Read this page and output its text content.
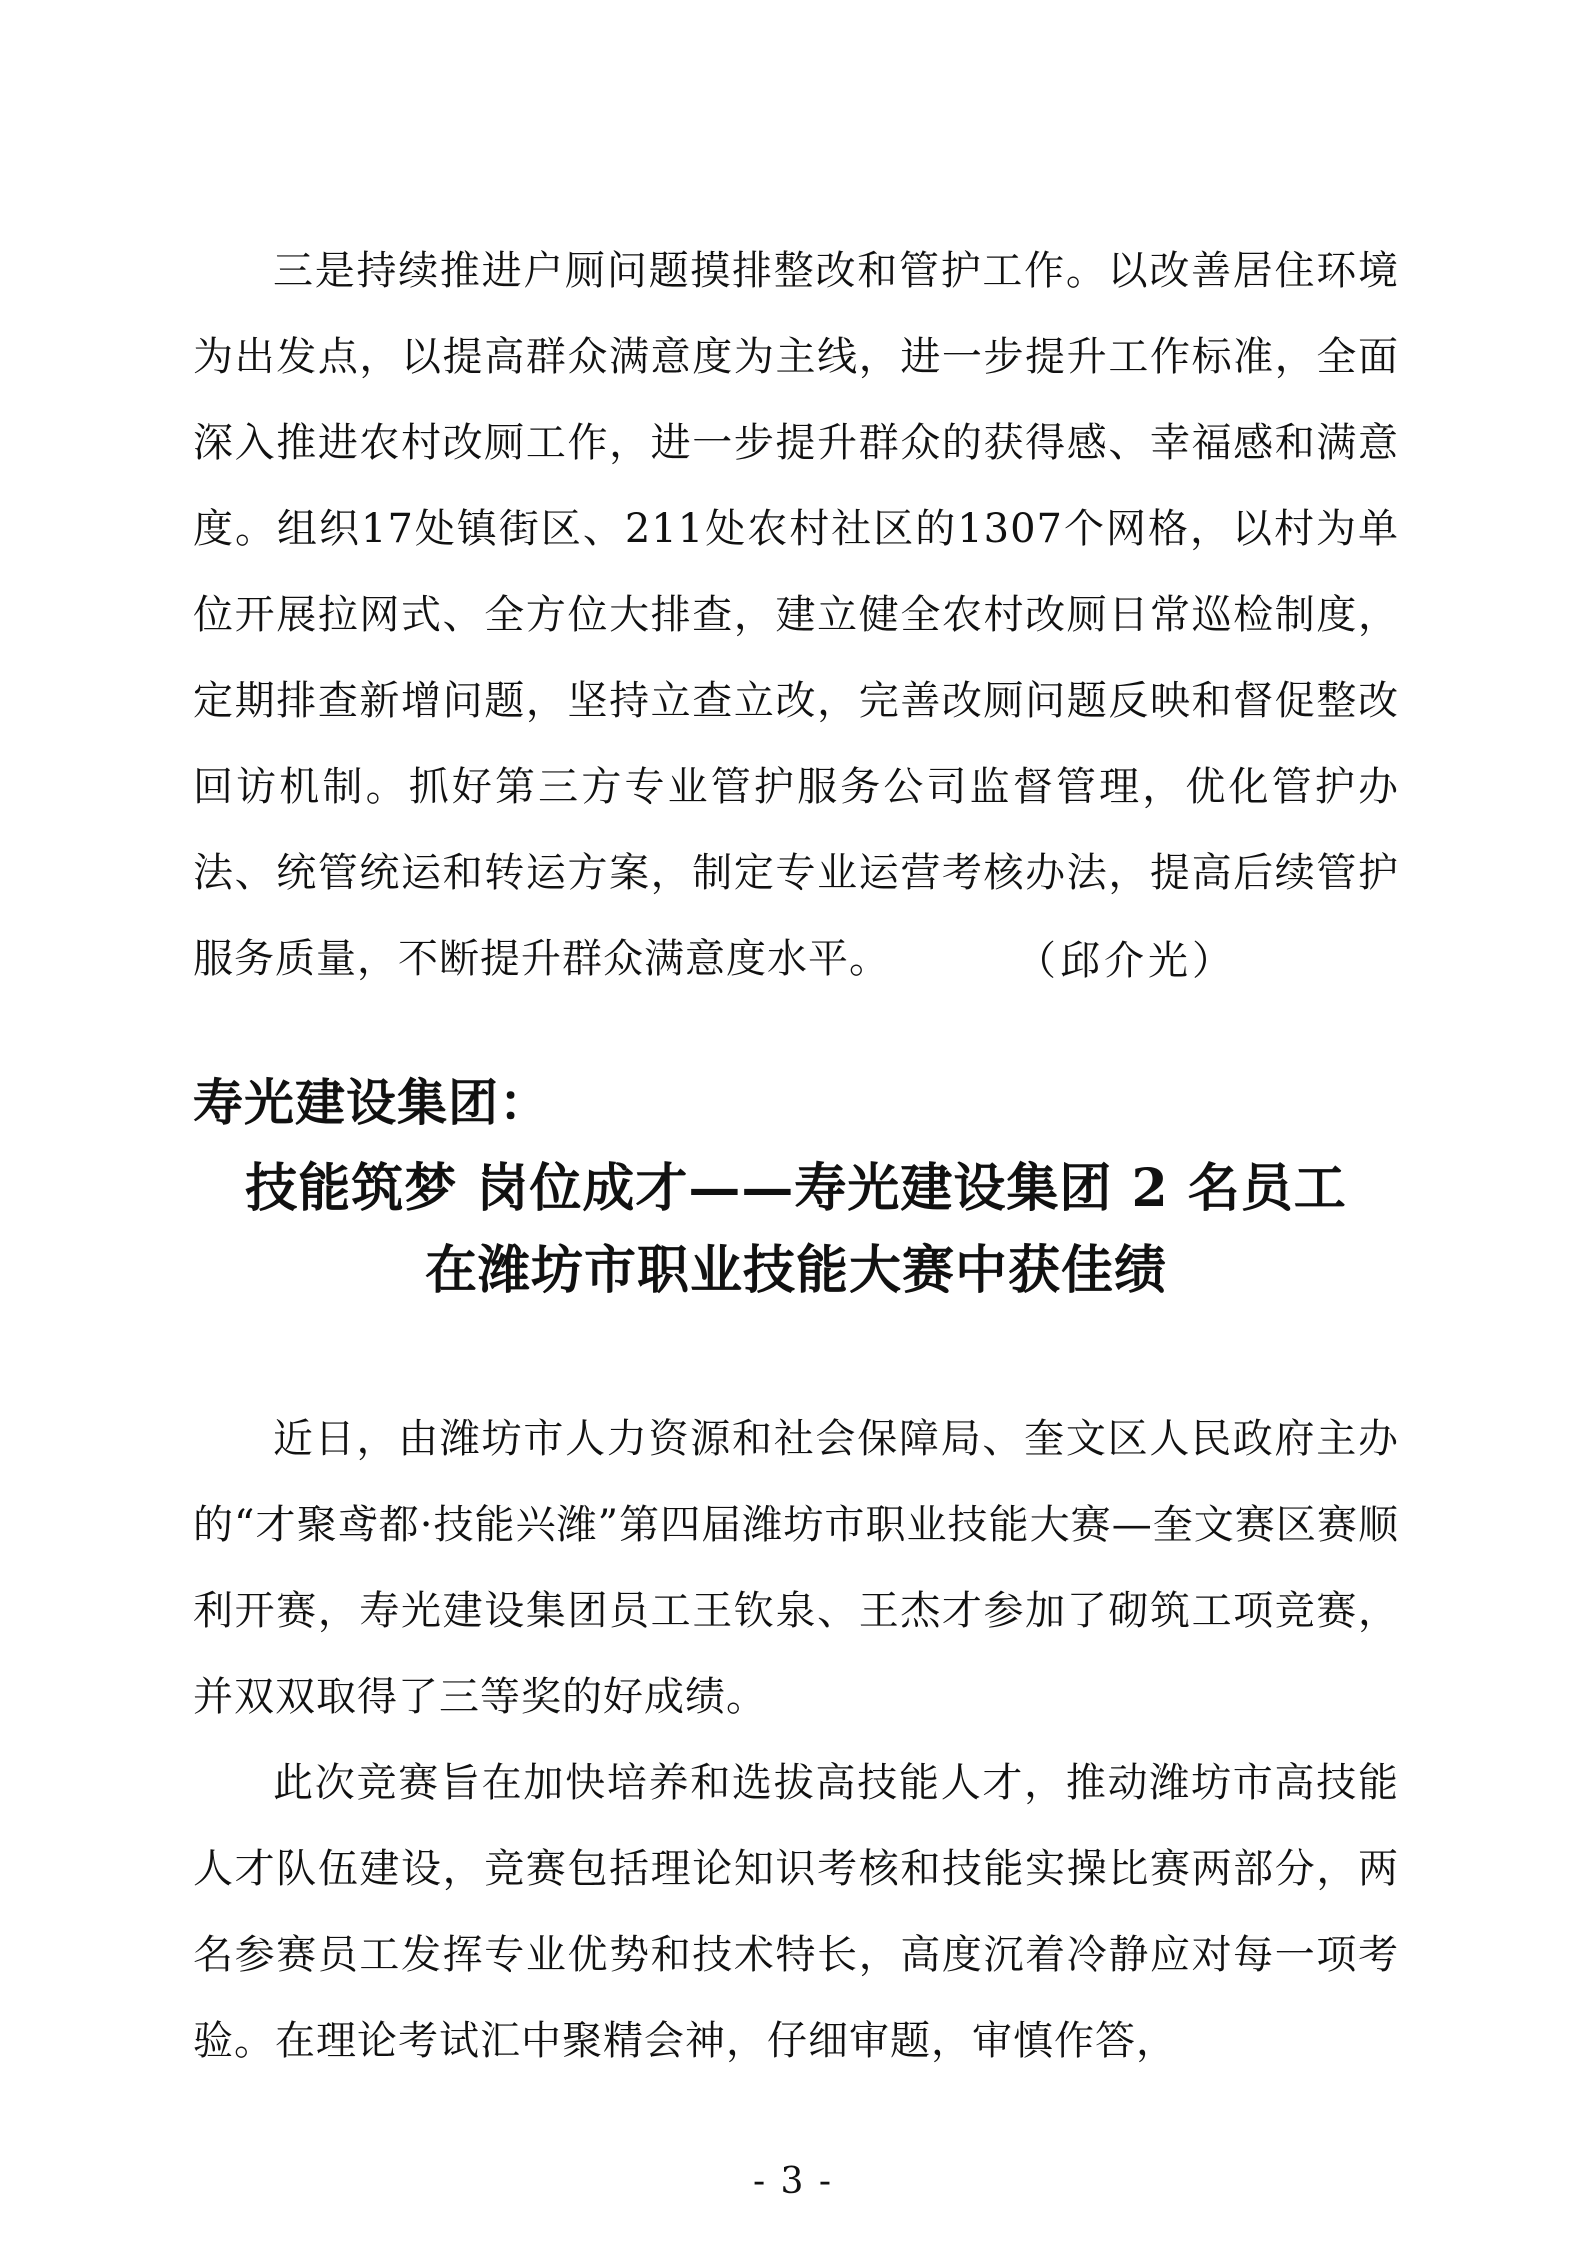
三是持续推进户厕问题摸排整改和管护工作。以改善居住环境为出发点，以提高群众满意度为主线，进一步提升工作标准，全面深入推进农村改厕工作，进一步提升群众的获得感、幸福感和满意度。组织17处镇街区、211处农村社区的1307个网格，以村为单位开展拉网式、全方位大排查，建立健全农村改厕日常巡检制度，定期排查新增问题，坚持立查立改，完善改厕问题反映和督促整改回访机制。抓好第三方专业管护服务公司监督管理，优化管护办法、统管统运和转运方案，制定专业运营考核办法，提高后续管护服务质量，不断提升群众满意度水平。	（邱介光）
寿光建设集团：
技能筑梦 岗位成才——寿光建设集团 2 名员工
在潍坊市职业技能大赛中获佳绩

近日，由潍坊市人力资源和社会保障局、奎文区人民政府主办的“才聚鸢都·技能兴潍”第四届潍坊市职业技能大赛—奎文赛区赛顺利开赛，寿光建设集团员工王钦泉、王杰才参加了砌筑工项竞赛，并双双取得了三等奖的好成绩。

此次竞赛旨在加快培养和选拔高技能人才，推动潍坊市高技能人才队伍建设，竞赛包括理论知识考核和技能实操比赛两部分，两名参赛员工发挥专业优势和技术特长，高度沉着冷静应对每一项考验。在理论考试汇中聚精会神，仔细审题，审慎作答，

- 3 -
